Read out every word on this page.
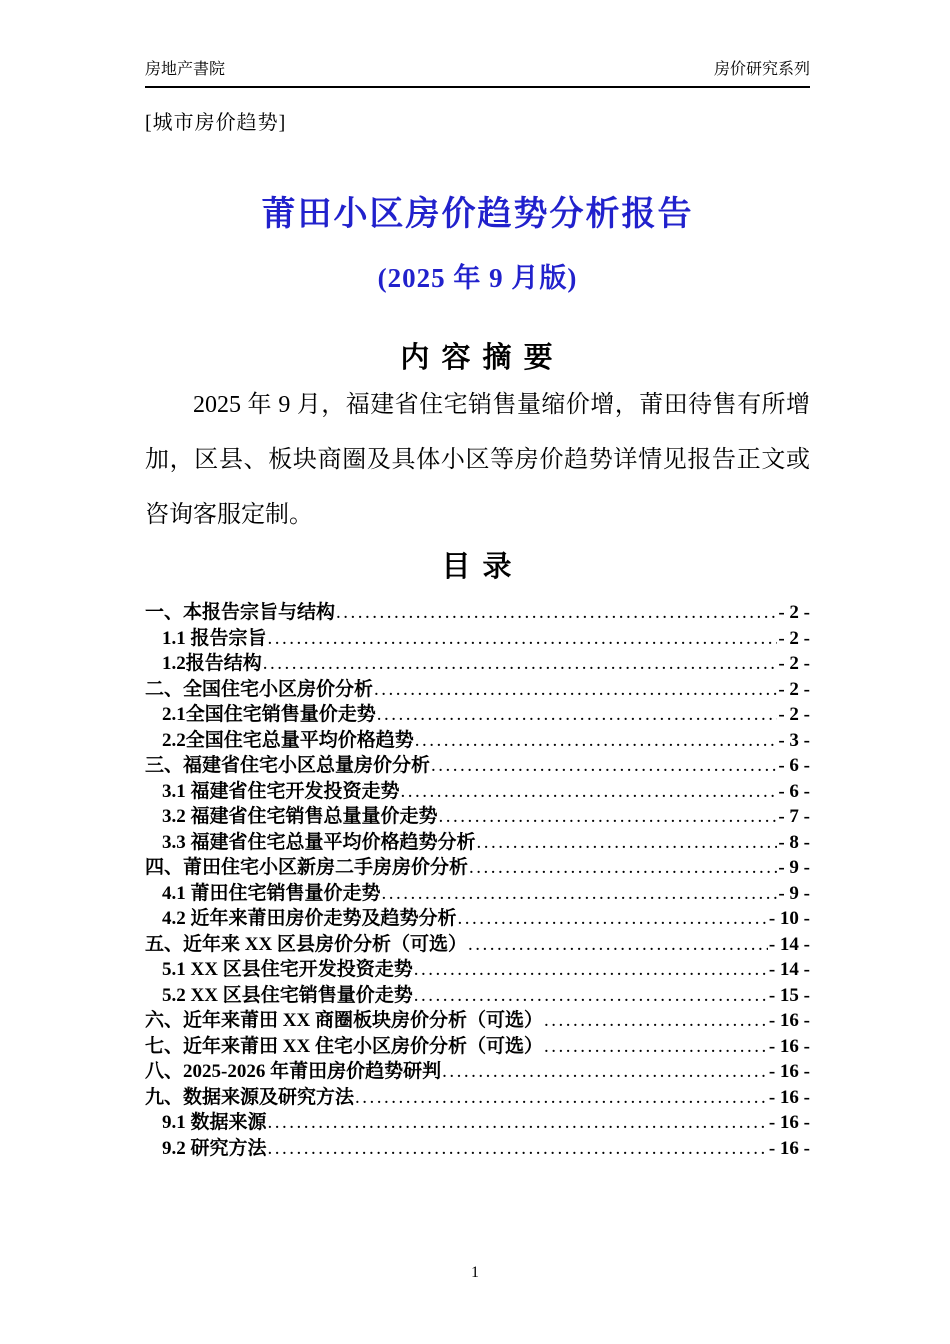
房地产書院	房价研究系列
[城市房价趋势]
莆田小区房价趋势分析报告
(2025 年 9 月版)
内 容 摘 要

2025 年 9 月，福建省住宅销售量缩价增，莆田待售有所增加，区县、板块商圈及具体小区等房价趋势详情见报告正文或咨询客服定制。

目 录
一、本报告宗旨与结构 .....	- 2 -
1.1 报告宗旨 .....	- 2 -
1.2报告结构 .....	- 2 -
二、全国住宅小区房价分析 .....	- 2 -
2.1全国住宅销售量价走势 .....	- 2 -
2.2全国住宅总量平均价格趋势 .....	- 3 -
三、福建省住宅小区总量房价分析 .....	- 6 -
3.1 福建省住宅开发投资走势 .....	- 6 -
3.2 福建省住宅销售总量量价走势 .....	- 7 -
3.3 福建省住宅总量平均价格趋势分析 .....	- 8 -
四、莆田住宅小区新房二手房房价分析 .....	- 9 -
4.1 莆田住宅销售量价走势 .....	- 9 -
4.2 近年来莆田房价走势及趋势分析 .....	- 10 -
五、近年来 XX 区县房价分析（可选） .....	- 14 -
5.1 XX 区县住宅开发投资走势 .....	- 14 -
5.2 XX 区县住宅销售量价走势 .....	- 15 -
六、近年来莆田 XX 商圈板块房价分析（可选） .....	- 16 -
七、近年来莆田 XX 住宅小区房价分析（可选） .....	- 16 -
八、2025-2026 年莆田房价趋势研判 .....	- 16 -
九、数据来源及研究方法 .....	- 16 -
9.1 数据来源 .....	- 16 -
9.2 研究方法 .....	- 16 -
1
